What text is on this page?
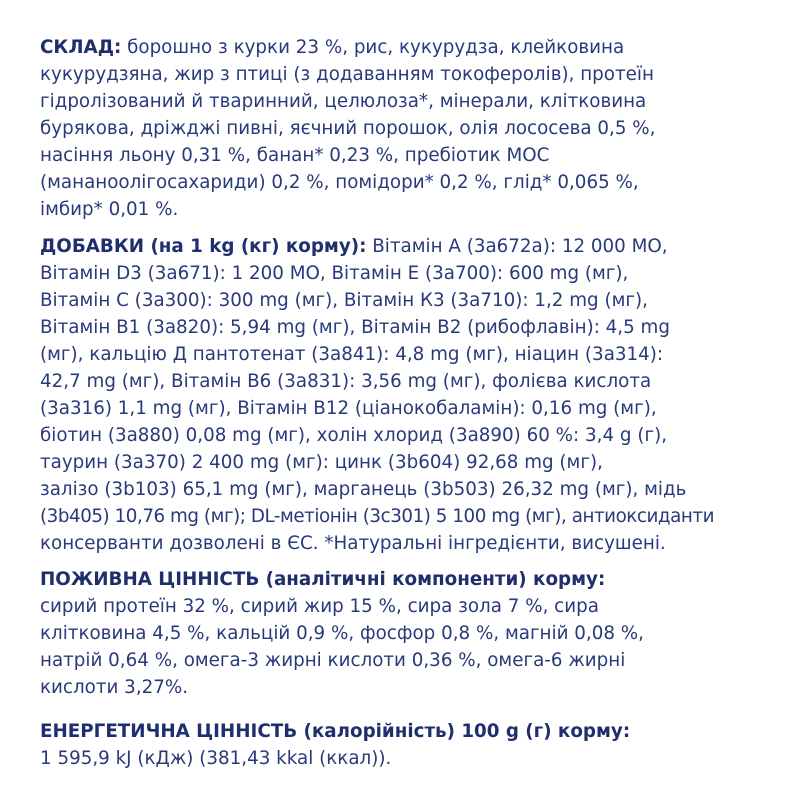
СКЛАД: борошно з курки 23 %, рис, кукурудза, клейковина
кукурудзяна, жир з птиці (з додаванням токоферолів), протеїн
гідролізований й тваринний, целюлоза*, мінерали, клітковина
бурякова, дріжджі пивні, яєчний порошок, олія лососева 0,5 %,
насіння льону 0,31 %, банан* 0,23 %, пребіотик МОС
(мананоолігосахариди) 0,2 %, помідори* 0,2 %, глід* 0,065 %,
імбир* 0,01 %.
ДОБАВКИ (на 1 kg (кг) корму): Вітамін А (3а672а): 12 000 МО,
Вітамін D3 (3а671): 1 200 МО, Вітамін Е (3а700): 600 mg (мг),
Вітамін С (3а300): 300 mg (мг), Вітамін К3 (3а710): 1,2 mg (мг),
Вітамін В1 (3а820): 5,94 mg (мг), Вітамін В2 (рибофлавін): 4,5 mg
(мг), кальцію Д пантотенат (3а841): 4,8 mg (мг), ніацин (3а314):
42,7 mg (мг), Вітамін В6 (3а831): 3,56 mg (мг), фолієва кислота
(3а316) 1,1 mg (мг), Вітамін В12 (ціанокобаламін): 0,16 mg (мг),
біотин (3а880) 0,08 mg (мг), холін хлорид (3а890) 60 %: 3,4 g (г),
таурин (3а370) 2 400 mg (мг): цинк (3b604) 92,68 mg (мг),
залізо (3b103) 65,1 mg (мг), марганець (3b503) 26,32 mg (мг), мідь
(3b405) 10,76 mg (мг); DL-метіонін (3c301) 5 100 mg (мг), антиоксиданти
консерванти дозволені в ЄС. *Натуральні інгредієнти, висушені.
ПОЖИВНА ЦІННІСТЬ (аналітичні компоненти) корму:
сирий протеїн 32 %, сирий жир 15 %, сира зола 7 %, сира
клітковина 4,5 %, кальцій 0,9 %, фосфор 0,8 %, магній 0,08 %,
натрій 0,64 %, омега-3 жирні кислоти 0,36 %, омега-6 жирні
кислоти 3,27%.
ЕНЕРГЕТИЧНА ЦІННІСТЬ (калорійність) 100 g (г) корму:
1 595,9 kJ (кДж) (381,43 kkal (ккал)).
